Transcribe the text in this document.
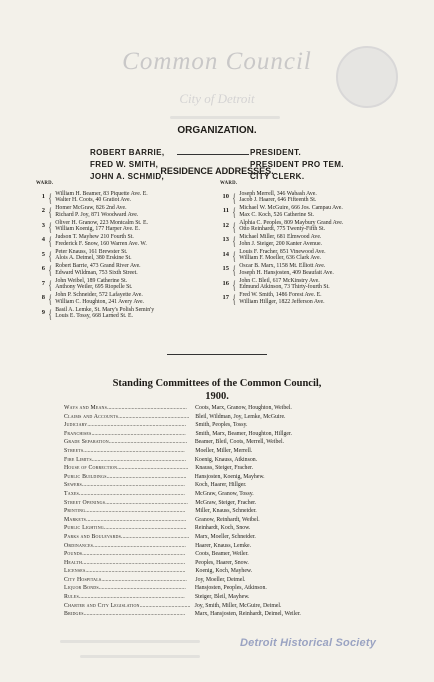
Common Council
City of Detroit
ORGANIZATION.
ROBERT BARRIE,	PRESIDENT.
FRED W. SMITH,	PRESIDENT PRO TEM.
JOHN A. SCHMID,	CITY CLERK.
RESIDENCE ADDRESSES.
WARD.
1 { William H. Beamer, 83 Piquette Ave. E.
Walter H. Coots, 40 Gratiot Ave.
2 { Homer McGraw, 826 2nd Ave.
Richard P. Joy, 871 Woodward Ave.
3 { Oliver H. Granow, 223 Montcalm St. E.
William Koenig, 177 Harper Ave. E.
4 { Judson T. Mayhew 210 Fourth St.
Frederick F. Snow, 160 Warren Ave. W.
5 { Peter Knauss, 161 Brewster St.
Alois A. Deimel, 380 Erskine St.
6 { Robert Barrie, 473 Grand River Ave.
Edward Wildman, 753 Sixth Street.
7 { John Weibel, 189 Catherine St.
Anthony Weiler, 695 Riopelle St.
8 { John P. Schneider, 572 Lafayette Ave.
William C. Houghton, 241 Avery Ave.
9 { Basil A. Lemke, St. Mary's Polish Semin'y
Louis E. Tossy, 668 Larned St. E.
WARD.
10 { Joseph Merrell, 346 Wabash Ave.
Jacob J. Haarer, 646 Fifteenth St.
11 { Michael W. McGuire, 666 Jos. Campau Ave.
Max C. Koch, 526 Catherine St.
12 { Alphia C. Peoples, 809 Maybury Grand Ave.
Otto Reinhardt, 775 Twenty-Fifth St.
13 { Michael Miller, 681 Elmwood Ave.
John J. Steiger, 200 Kanter Avenue.
14 { Louis F. Fracher, 851 Vinewood Ave.
William F. Moeller, 636 Clark Ave.
15 { Oscar B. Marx, 1158 Mt. Elliott Ave.
Joseph H. Hansjosten, 409 Beaufait Ave.
16 { John C. Bleil, 617 McKinstry Ave.
Edmund Atkinson, 73 Thirty-fourth St.
17 { Fred W. Smith, 1486 Forest Ave. E.
William Hillger, 1822 Jefferson Ave.
Standing Committees of the Common Council,
1900.
Ways and Means .......................................................	Coots, Marx, Granow, Houghton, Weibel.
Claims and Accounts .................................................	Bleil, Wildman, Joy, Lemke, McGuire.
Judiciary ....................................................................	Smith, Peoples, Tossy.
Franchises .................................................................	Smith, Marx, Beamer, Houghton, Hillger.
Grade Separation ......................................................	Beamer, Bleil, Coots, Merrell, Weibel.
Streets ......................................................................	Moeller, Miller, Merrell.
Fire Limits .................................................................	Koenig, Knauss, Atkinson.
House of Correction .................................................	Knauss, Steiger, Fracher.
Public Buildings .......................................................	Hansjosten, Koenig, Mayhew.
Sewers .......................................................................	Koch, Haarer, Hillger.
Taxes .........................................................................	McGraw, Granow, Tossy.
Street Openings .........................................................	McGraw, Steiger, Fracher.
Printing .....................................................................	Miller, Knauss, Schneider.
Markets .....................................................................	Granow, Reinhardt, Weibel.
Public Lighting .........................................................	Reinhardt, Koch, Snow.
Parks and Boulevards ...............................................	Marx, Moeller, Schneider.
Ordinances ................................................................	Haarer, Knauss, Lemke.
Pounds .......................................................................	Coots, Beamer, Weiler.
Health .......................................................................	Peoples, Haarer, Snow.
Licenses .....................................................................	Koenig, Koch, Mayhew.
City Hospitals ...........................................................	Joy, Moeller, Deimel.
Liquor Bonds ............................................................	Hansjosten, Peoples, Atkinson.
Rules .........................................................................	Steiger, Bleil, Mayhew.
Charter and City Legislation ................................... Joy, Smith, Miller, McGuire, Deimel.
Bridges ......................................................................	Marx, Hansjosten, Reinhardt, Deimel, Weiler.
Detroit Historical Society
